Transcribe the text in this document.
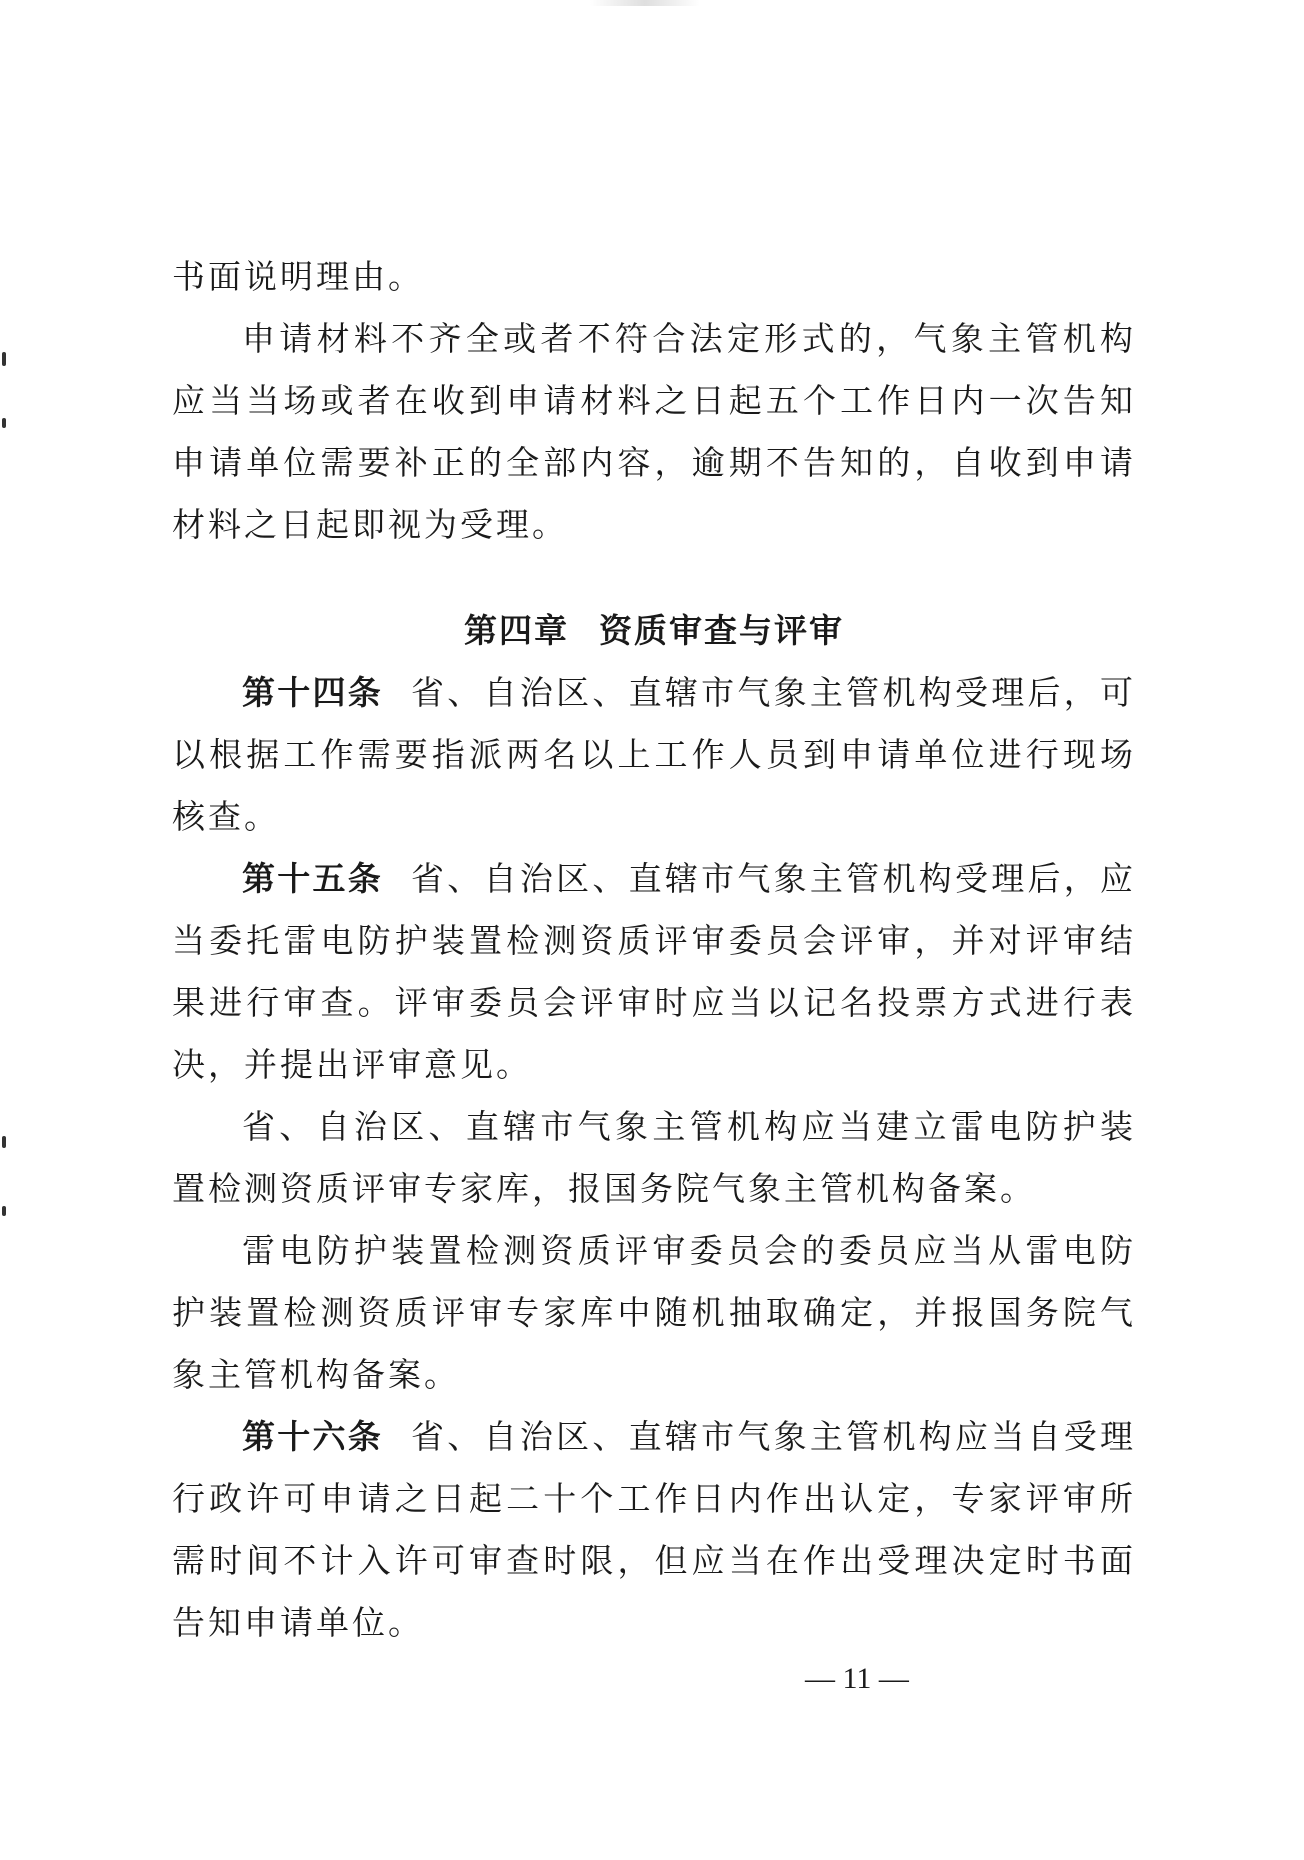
书面说明理由。

申请材料不齐全或者不符合法定形式的，气象主管机构应当当场或者在收到申请材料之日起五个工作日内一次告知申请单位需要补正的全部内容，逾期不告知的，自收到申请材料之日起即视为受理。

第四章 资质审查与评审

第十四条 省、自治区、直辖市气象主管机构受理后，可以根据工作需要指派两名以上工作人员到申请单位进行现场核查。

第十五条 省、自治区、直辖市气象主管机构受理后，应当委托雷电防护装置检测资质评审委员会评审，并对评审结果进行审查。评审委员会评审时应当以记名投票方式进行表决，并提出评审意见。

省、自治区、直辖市气象主管机构应当建立雷电防护装置检测资质评审专家库，报国务院气象主管机构备案。

雷电防护装置检测资质评审委员会的委员应当从雷电防护装置检测资质评审专家库中随机抽取确定，并报国务院气象主管机构备案。

第十六条 省、自治区、直辖市气象主管机构应当自受理行政许可申请之日起二十个工作日内作出认定，专家评审所需时间不计入许可审查时限，但应当在作出受理决定时书面告知申请单位。

— 11 —
